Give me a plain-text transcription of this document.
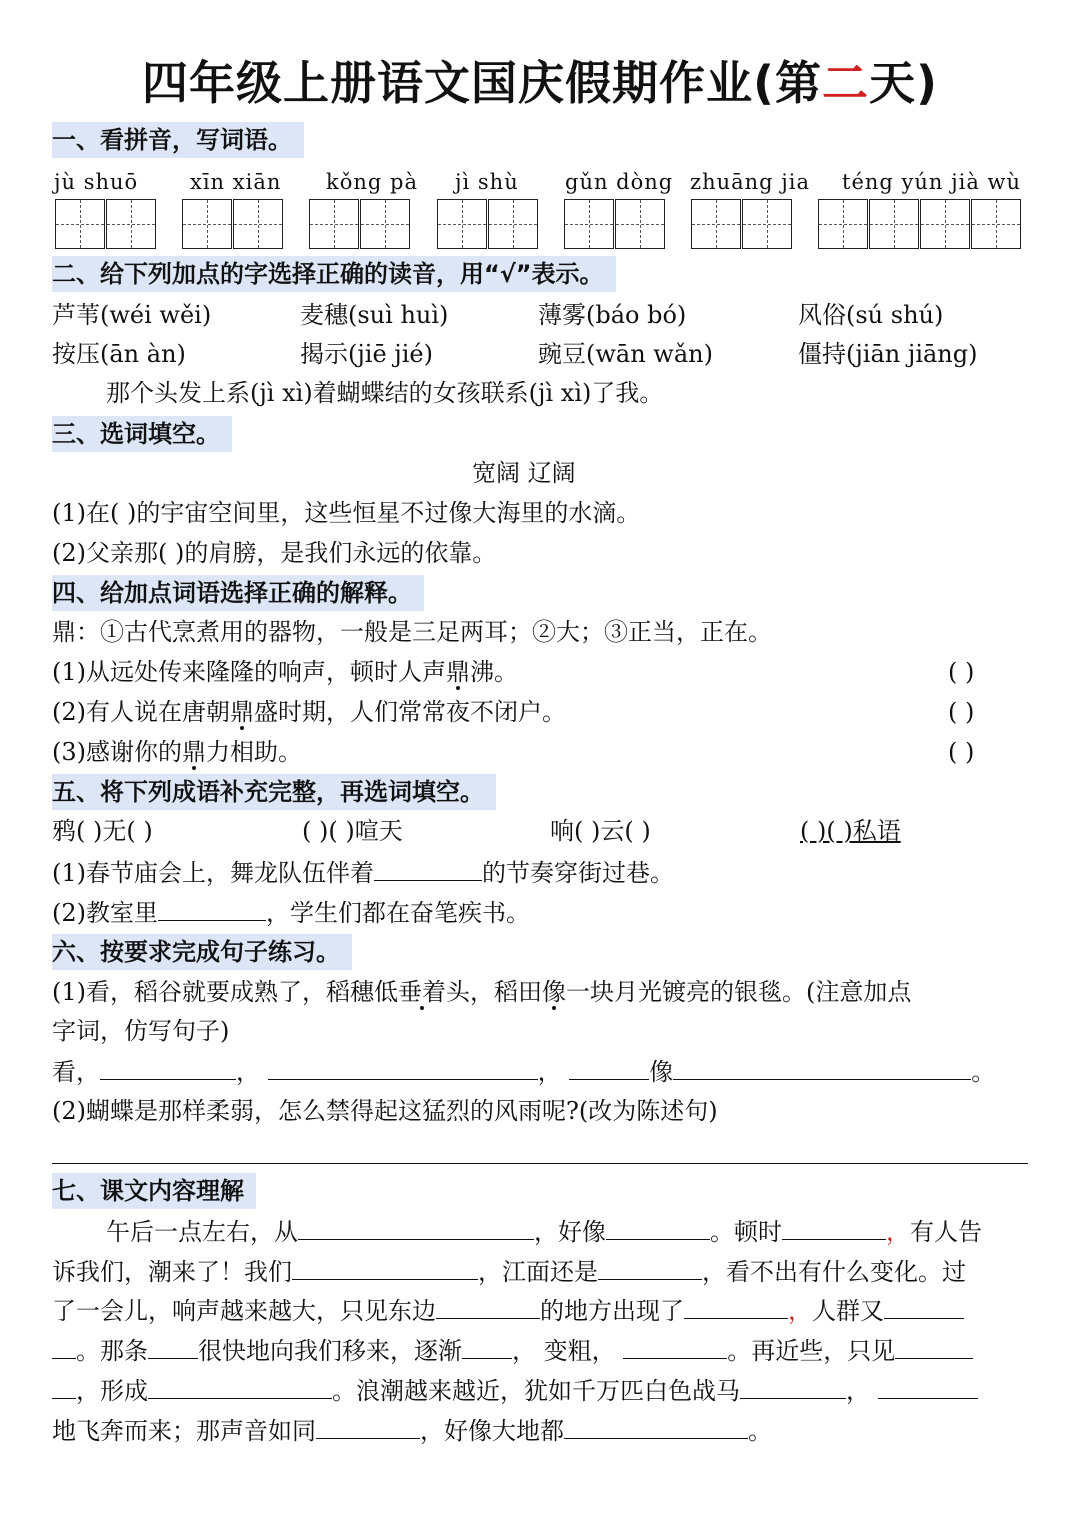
四年级上册语文国庆假期作业(第二天)
一、看拼音，写词语。
jù shuō xīn xiān kǒng pà jì shù gǔn dòng zhuāng jia téng yún jià wù
二、给下列加点的字选择正确的读音，用“√”表示。
芦苇(wéi wěi)	麦穗(suì huì)	薄雾(báo bó)	风俗(sú shú)
按压(ān àn)	揭示(jiē jié)	豌豆(wān wǎn)	僵持(jiān jiāng)
那个头发上系(jì xì)着蝴蝶结的女孩联系(jì xì)了我。
三、选词填空。
宽阔 辽阔
(1)在( )的宇宙空间里，这些恒星不过像大海里的水滴。
(2)父亲那( )的肩膀，是我们永远的依靠。
四、给加点词语选择正确的解释。
鼎：①古代烹煮用的器物，一般是三足两耳；②大；③正当，正在。
(1)从远处传来隆隆的响声，顿时人声鼎沸。	( )
(2)有人说在唐朝鼎盛时期，人们常常夜不闭户。	( )
(3)感谢你的鼎力相助。	( )
五、将下列成语补充完整，再选词填空。
鸦( )无( )	( )( )喧天	响( )云( )	( )( )私语
(1)春节庙会上，舞龙队伍伴着	的节奏穿街过巷。
(2)教室里	，学生们都在奋笔疾书。
六、按要求完成句子练习。
(1)看，稻谷就要成熟了，稻穗低垂着头，稻田像一块月光镀亮的银毯。(注意加点
字词，仿写句子)
看，	，	，	像	。
(2)蝴蝶是那样柔弱，怎么禁得起这猛烈的风雨呢?(改为陈述句)
七、课文内容理解
午后一点左右，从	，好像	。顿时	，有人告
诉我们，潮来了！我们	，江面还是	，看不出有什么变化。过
了一会儿，响声越来越大，只见东边	的地方出现了	，人群又
。那条 很快地向我们移来，逐渐 ， 变粗，	。再近些，只见
，形成	。浪潮越来越近，犹如千万匹白色战马	，
地飞奔而来；那声音如同	，好像大地都	。
